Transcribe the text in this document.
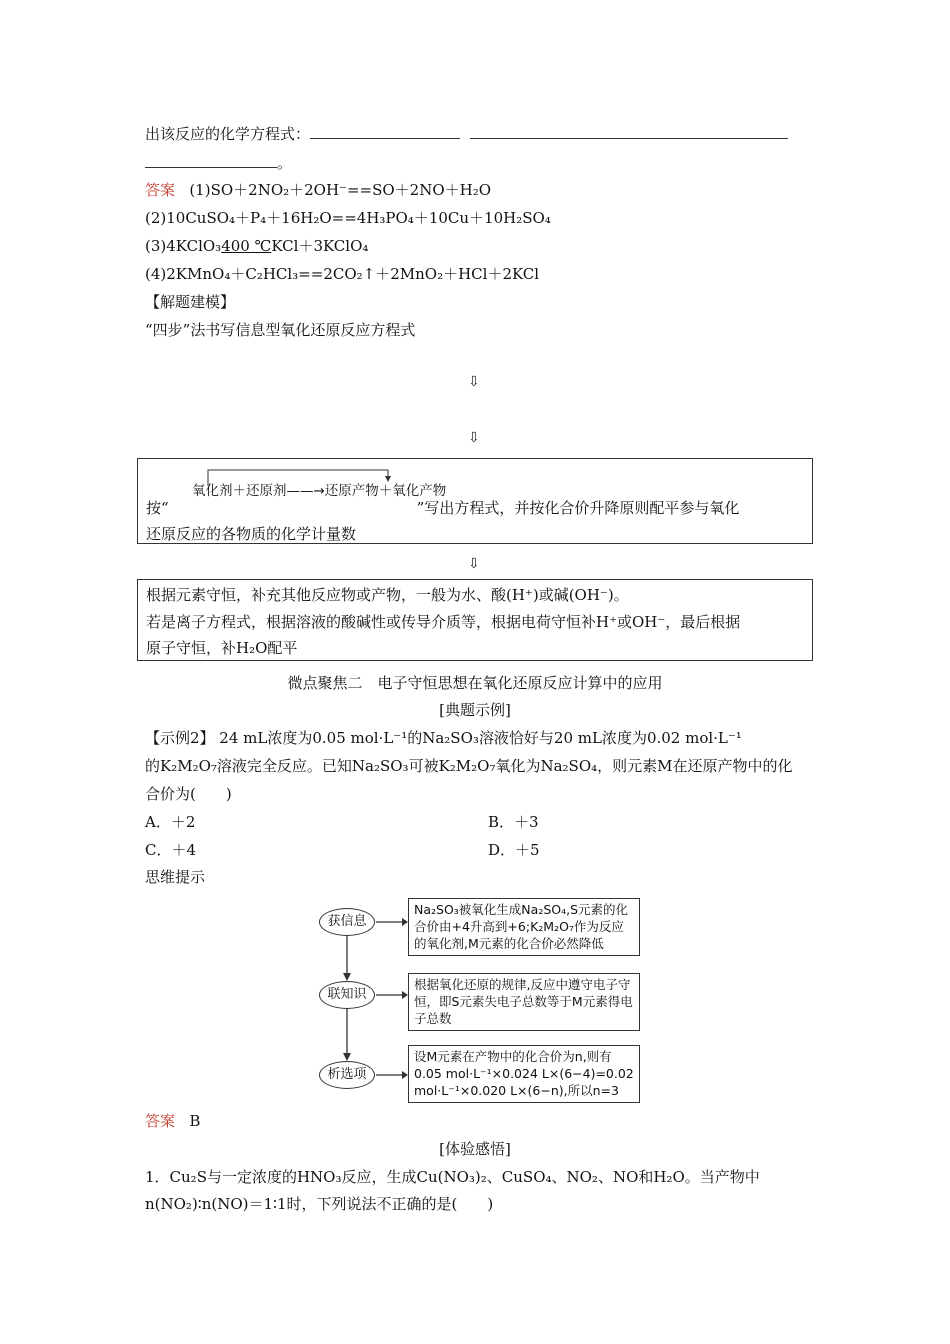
出该反应的化学方程式：
。
答案 (1)SO＋2NO₂＋2OH⁻==SO＋2NO＋H₂O
(2)10CuSO₄＋P₄＋16H₂O==4H₃PO₄＋10Cu＋10H₂SO₄
(3)4KClO₃400 ℃KCl＋3KClO₄
(4)2KMnO₄＋C₂HCl₃==2CO₂↑＋2MnO₂＋HCl＋2KCl
【解题建模】
“四步”法书写信息型氧化还原反应方程式
⇩
⇩
氧化剂＋还原剂——→还原产物＋氧化产物
按“	”写出方程式，并按化合价升降原则配平参与氧化
还原反应的各物质的化学计量数
⇩
根据元素守恒，补充其他反应物或产物，一般为水、酸(H⁺)或碱(OH⁻)。
若是离子方程式，根据溶液的酸碱性或传导介质等，根据电荷守恒补H⁺或OH⁻，最后根据
原子守恒，补H₂O配平
微点聚焦二　电子守恒思想在氧化还原反应计算中的应用
[典题示例]
【示例2】 24 mL浓度为0.05 mol·L⁻¹的Na₂SO₃溶液恰好与20 mL浓度为0.02 mol·L⁻¹
的K₂M₂O₇溶液完全反应。已知Na₂SO₃可被K₂M₂O₇氧化为Na₂SO₄，则元素M在还原产物中的化
合价为(　　)
A．＋2	B．＋3
C．＋4	D．＋5
思维提示
获信息
联知识
析选项
Na₂SO₃被氧化生成Na₂SO₄,S元素的化合价由+4升高到+6;K₂M₂O₇作为反应的氧化剂,M元素的化合价必然降低
根据氧化还原的规律,反应中遵守电子守恒，即S元素失电子总数等于M元素得电子总数
设M元素在产物中的化合价为n,则有0.05 mol·L⁻¹×0.024 L×(6−4)=0.02 mol·L⁻¹×0.020 L×(6−n),所以n=3
答案 B
[体验感悟]
1．Cu₂S与一定浓度的HNO₃反应，生成Cu(NO₃)₂、CuSO₄、NO₂、NO和H₂O。当产物中
n(NO₂)∶n(NO)＝1∶1时，下列说法不正确的是(　　)
